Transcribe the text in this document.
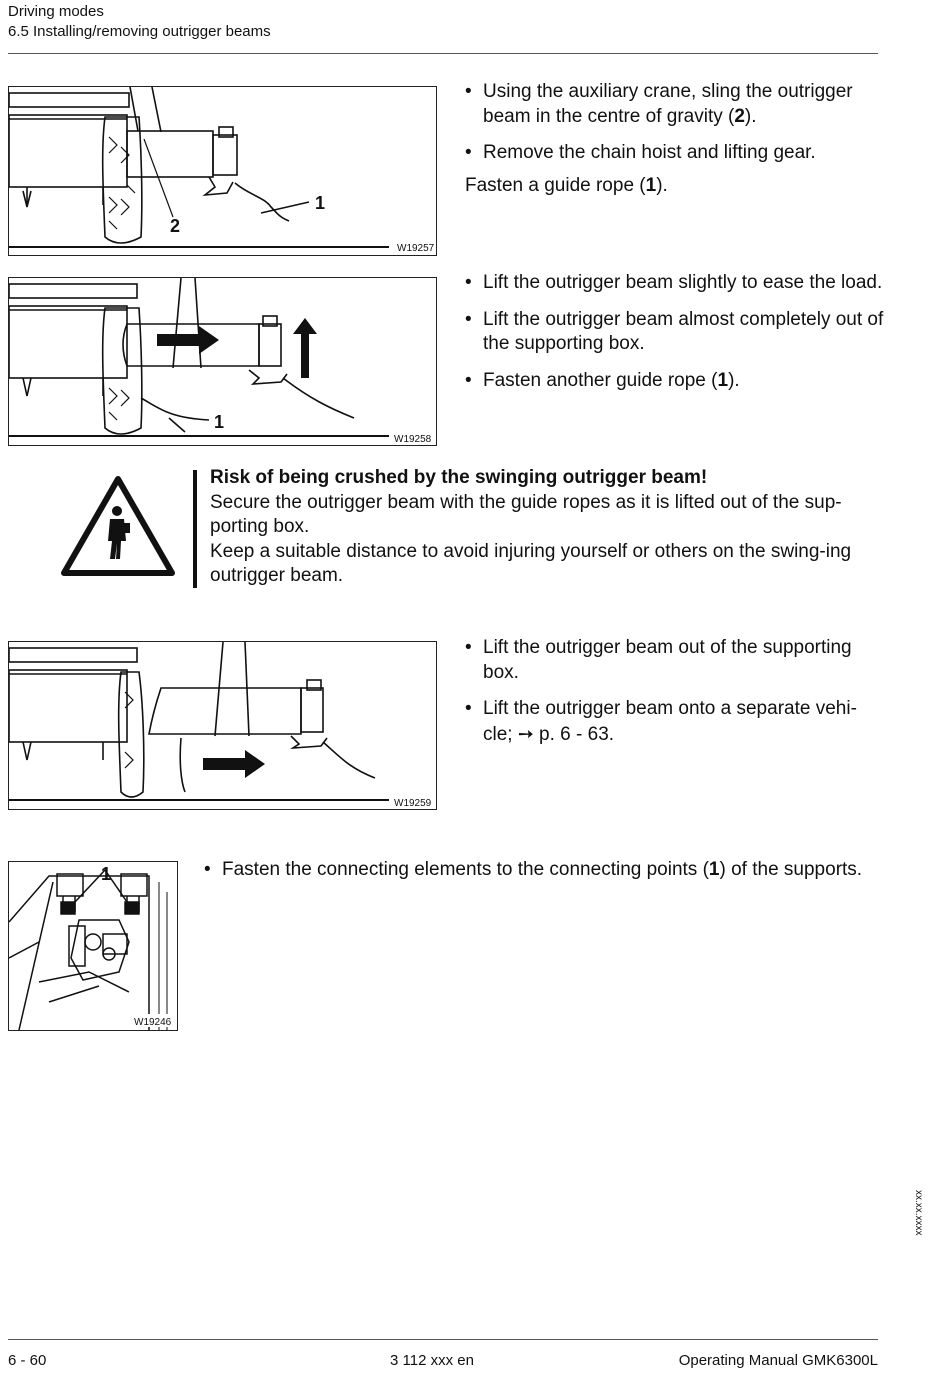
Driving modes
6.5 Installing/removing outrigger beams
1
2
W19257
• Using the auxiliary crane, sling the outrigger beam in the centre of gravity (2).
• Remove the chain hoist and lifting gear.

Fasten a guide rope (1).

1
W19258
• Lift the outrigger beam slightly to ease the load.
• Lift the outrigger beam almost completely out of the supporting box.
• Fasten another guide rope (1).

Risk of being crushed by the swinging outrigger beam!

Secure the outrigger beam with the guide ropes as it is lifted out of the sup-porting box.

Keep a suitable distance to avoid injuring yourself or others on the swing-ing outrigger beam.

W19259
• Lift the outrigger beam out of the supporting box.
• Lift the outrigger beam onto a separate vehi-cle; ➙ p. 6 - 63.
1
W19246
• Fasten the connecting elements to the connecting points (1) of the supports.
xx.xx.xxxx
6 - 60	3 112 xxx en	Operating Manual GMK6300L
